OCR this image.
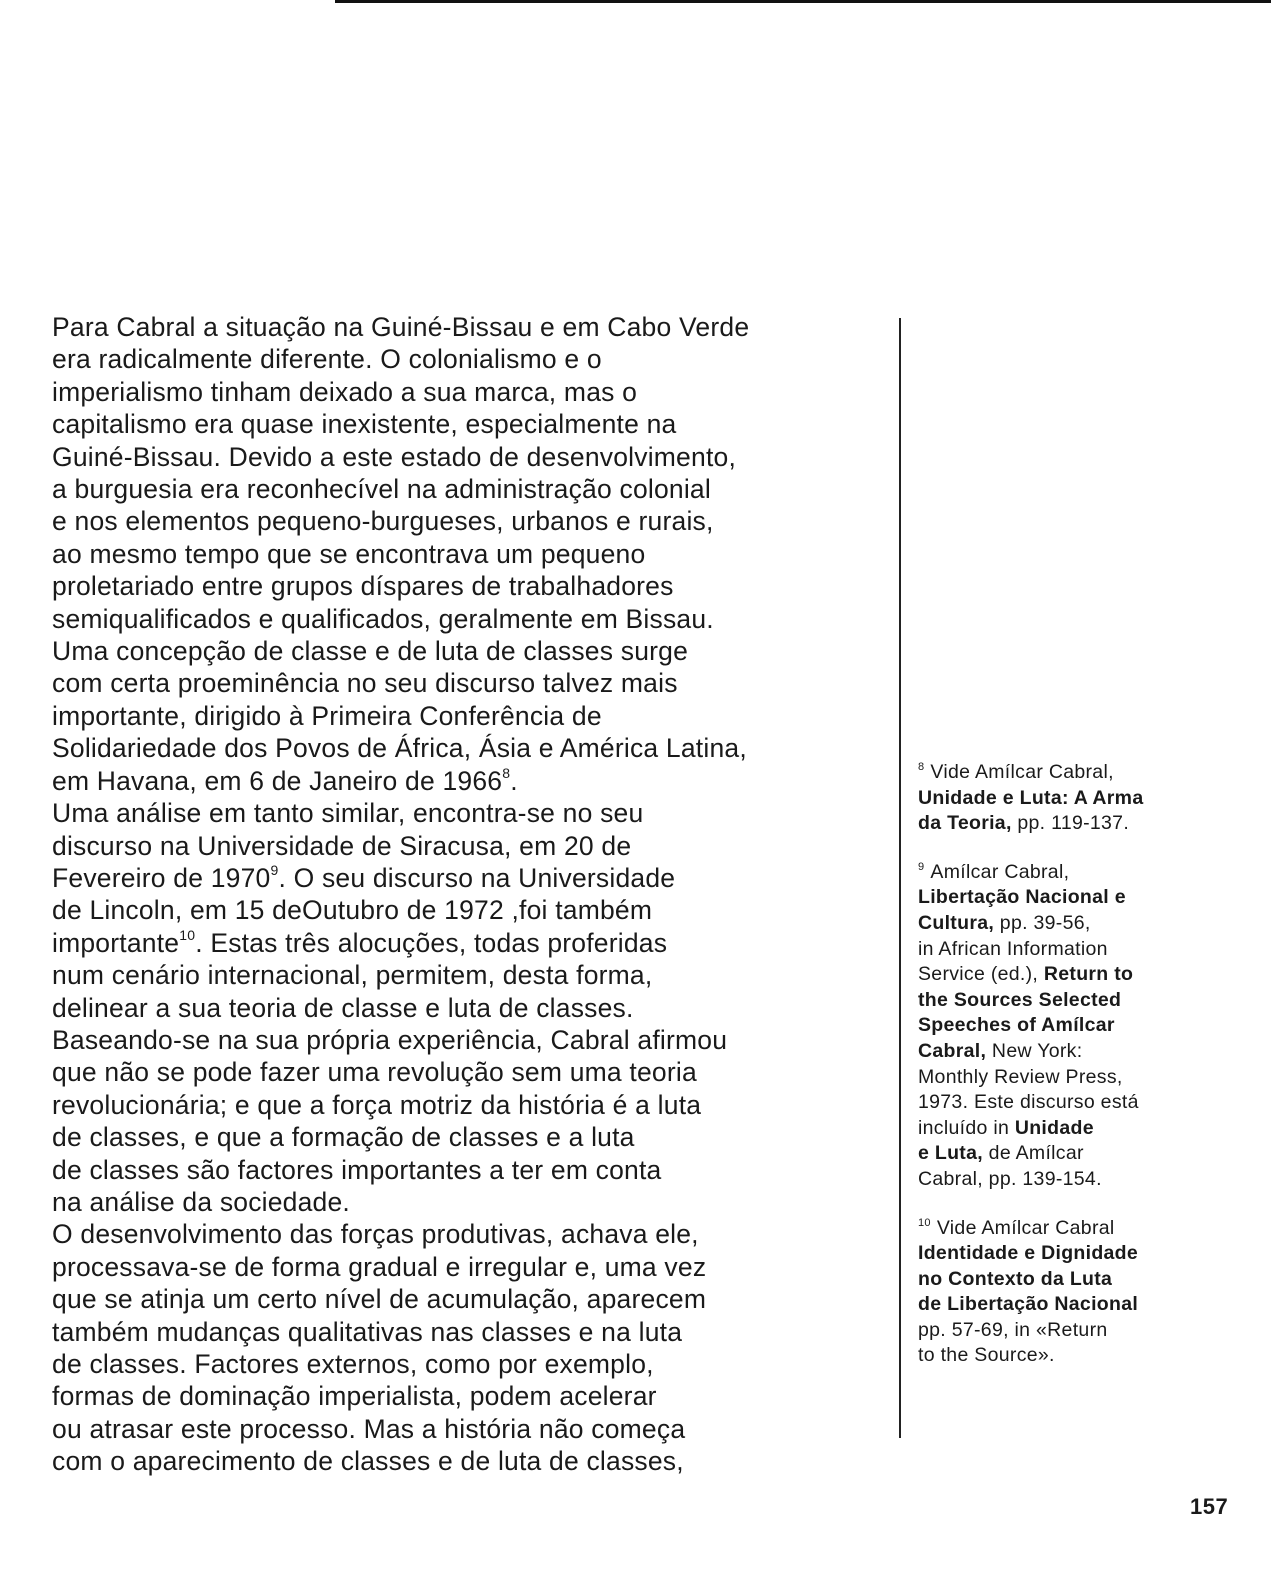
Para Cabral a situação na Guiné-Bissau e em Cabo Verde
era radicalmente diferente. O colonialismo e o
imperialismo tinham deixado a sua marca, mas o
capitalismo era quase inexistente, especialmente na
Guiné-Bissau. Devido a este estado de desenvolvimento,
a burguesia era reconhecível na administração colonial
e nos elementos pequeno-burgueses, urbanos e rurais,
ao mesmo tempo que se encontrava um pequeno
proletariado entre grupos díspares de trabalhadores
semiqualificados e qualificados, geralmente em Bissau.
Uma concepção de classe e de luta de classes surge
com certa proeminência no seu discurso talvez mais
importante, dirigido à Primeira Conferência de
Solidariedade dos Povos de África, Ásia e América Latina,
em Havana, em 6 de Janeiro de 1966$^8$.
Uma análise em tanto similar, encontra-se no seu
discurso na Universidade de Siracusa, em 20 de
Fevereiro de 1970$^9$. O seu discurso na Universidade
de Lincoln, em 15 deOutubro de 1972 ,foi também
importante$^{10}$. Estas três alocuções, todas proferidas
num cenário internacional, permitem, desta forma,
delinear a sua teoria de classe e luta de classes.
Baseando-se na sua própria experiência, Cabral afirmou
que não se pode fazer uma revolução sem uma teoria
revolucionária; e que a força motriz da história é a luta
de classes, e que a formação de classes e a luta
de classes são factores importantes a ter em conta
na análise da sociedade.
O desenvolvimento das forças produtivas, achava ele,
processava-se de forma gradual e irregular e, uma vez
que se atinja um certo nível de acumulação, aparecem
também mudanças qualitativas nas classes e na luta
de classes. Factores externos, como por exemplo,
formas de dominação imperialista, podem acelerar
ou atrasar este processo. Mas a história não começa
com o aparecimento de classes e de luta de classes,
$^8$ Vide Amílcar Cabral,
Unidade e Luta: A Arma
da Teoria, pp. 119-137.
$^9$ Amílcar Cabral,
Libertação Nacional e
Cultura, pp. 39-56,
in African Information
Service (ed.), Return to
the Sources Selected
Speeches of Amílcar
Cabral, New York:
Monthly Review Press,
1973. Este discurso está
incluído in Unidade
e Luta, de Amílcar
Cabral, pp. 139-154.
$^{10}$ Vide Amílcar Cabral
Identidade e Dignidade
no Contexto da Luta
de Libertação Nacional
pp. 57-69, in «Return
to the Source».
157
